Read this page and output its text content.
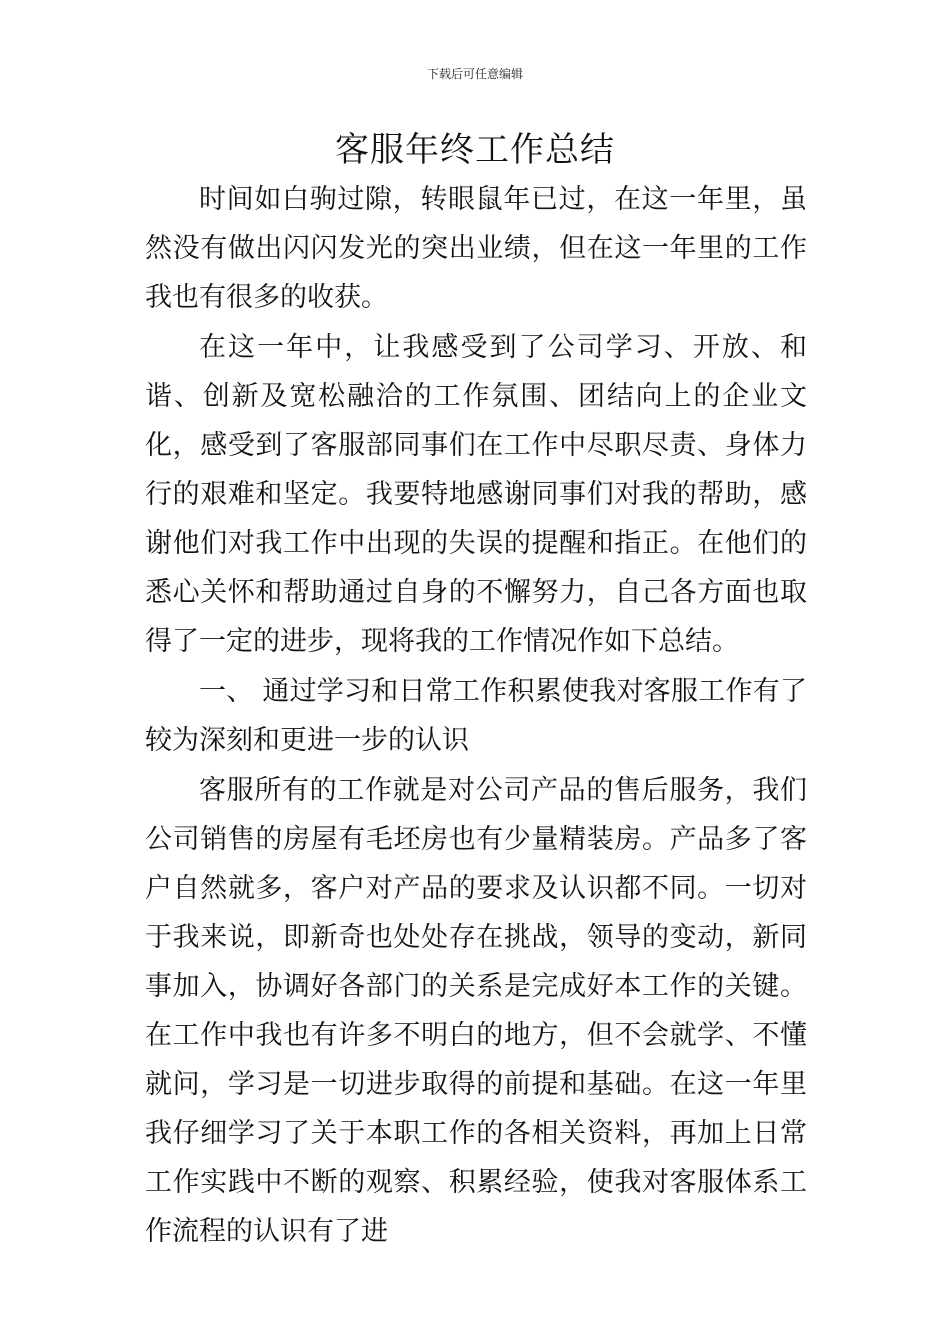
下载后可任意编辑
客服年终工作总结

时间如白驹过隙，转眼鼠年已过，在这一年里，虽然没有做出闪闪发光的突出业绩，但在这一年里的工作我也有很多的收获。

在这一年中，让我感受到了公司学习、开放、和谐、创新及宽松融洽的工作氛围、团结向上的企业文化，感受到了客服部同事们在工作中尽职尽责、身体力行的艰难和坚定。我要特地感谢同事们对我的帮助，感谢他们对我工作中出现的失误的提醒和指正。在他们的悉心关怀和帮助通过自身的不懈努力，自己各方面也取得了一定的进步，现将我的工作情况作如下总结。

一、 通过学习和日常工作积累使我对客服工作有了较为深刻和更进一步的认识

客服所有的工作就是对公司产品的售后服务，我们公司销售的房屋有毛坯房也有少量精装房。产品多了客户自然就多，客户对产品的要求及认识都不同。一切对于我来说，即新奇也处处存在挑战，领导的变动，新同事加入，协调好各部门的关系是完成好本工作的关键。在工作中我也有许多不明白的地方，但不会就学、不懂就问，学习是一切进步取得的前提和基础。在这一年里我仔细学习了关于本职工作的各相关资料，再加上日常工作实践中不断的观察、积累经验，使我对客服体系工作流程的认识有了进
